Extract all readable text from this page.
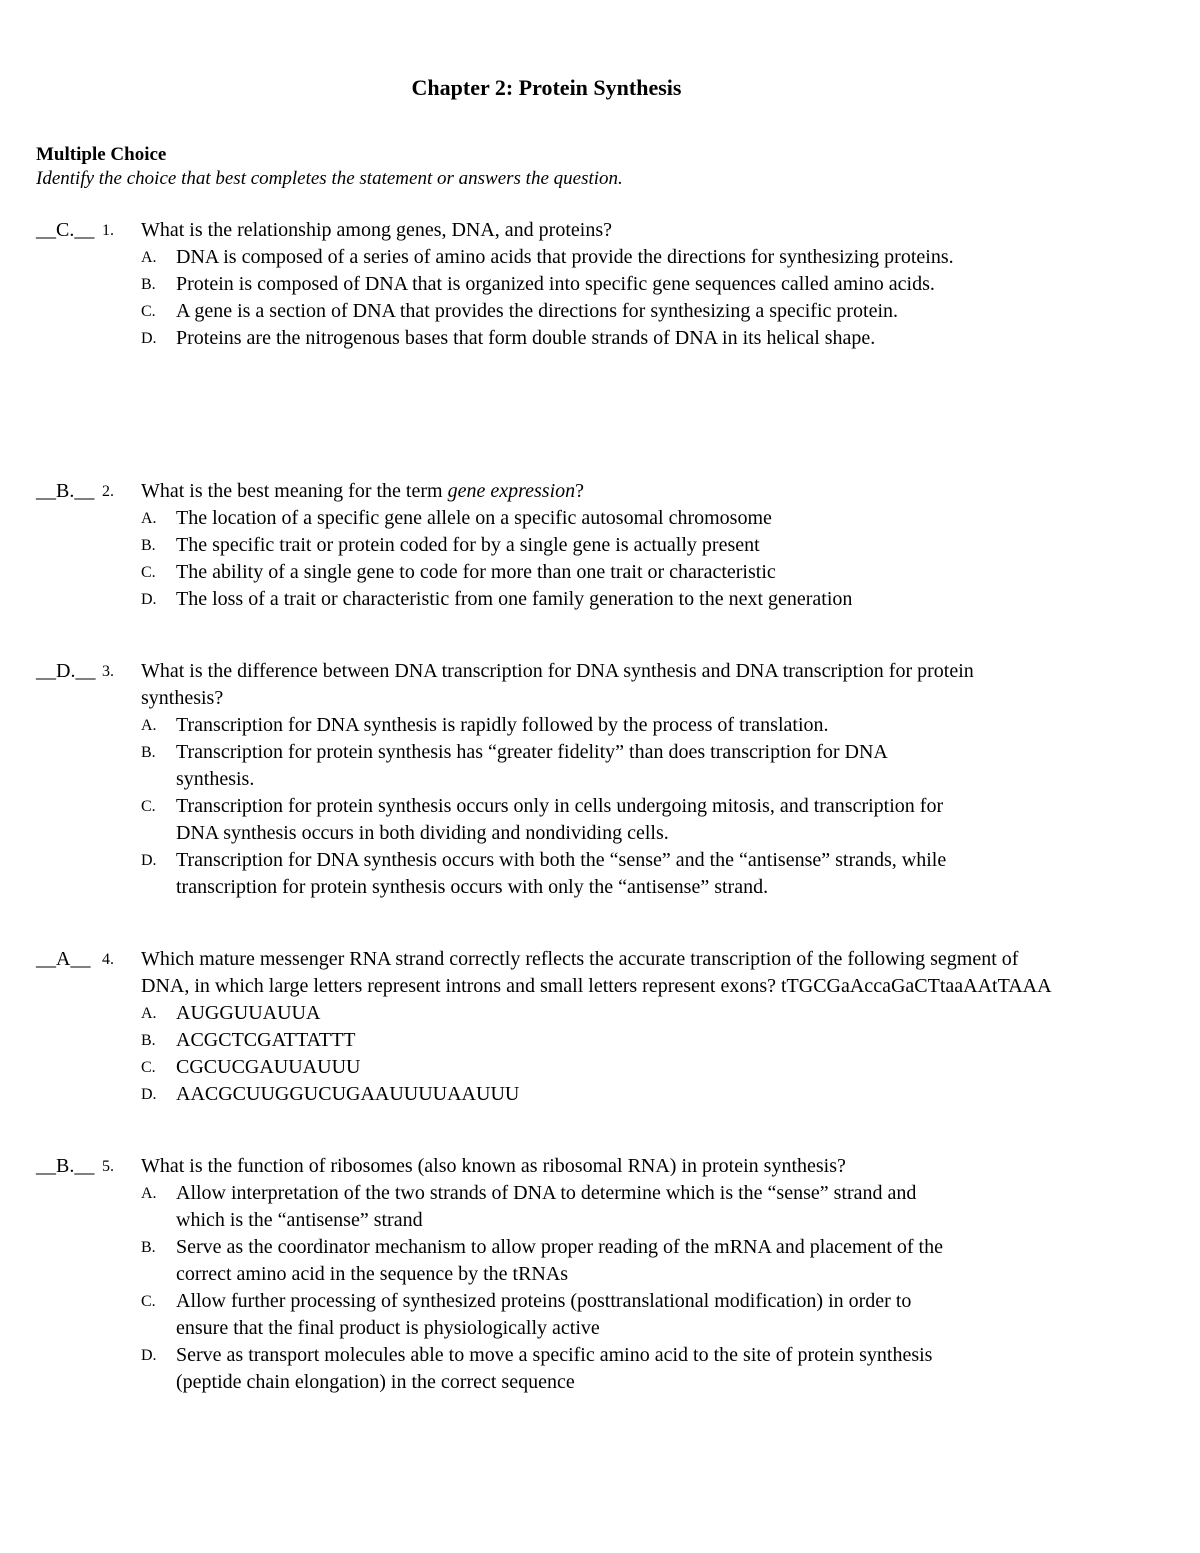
Chapter 2: Protein Synthesis
Multiple Choice
Identify the choice that best completes the statement or answers the question.
__C.__ 1. What is the relationship among genes, DNA, and proteins?
A. DNA is composed of a series of amino acids that provide the directions for synthesizing proteins.
B. Protein is composed of DNA that is organized into specific gene sequences called amino acids.
C. A gene is a section of DNA that provides the directions for synthesizing a specific protein.
D. Proteins are the nitrogenous bases that form double strands of DNA in its helical shape.
__B.__ 2. What is the best meaning for the term gene expression?
A. The location of a specific gene allele on a specific autosomal chromosome
B. The specific trait or protein coded for by a single gene is actually present
C. The ability of a single gene to code for more than one trait or characteristic
D. The loss of a trait or characteristic from one family generation to the next generation
__D.__ 3. What is the difference between DNA transcription for DNA synthesis and DNA transcription for protein synthesis?
A. Transcription for DNA synthesis is rapidly followed by the process of translation.
B. Transcription for protein synthesis has “greater fidelity” than does transcription for DNA synthesis.
C. Transcription for protein synthesis occurs only in cells undergoing mitosis, and transcription for DNA synthesis occurs in both dividing and nondividing cells.
D. Transcription for DNA synthesis occurs with both the “sense” and the “antisense” strands, while transcription for protein synthesis occurs with only the “antisense” strand.
__A__ 4. Which mature messenger RNA strand correctly reflects the accurate transcription of the following segment of DNA, in which large letters represent introns and small letters represent exons? tTGCGaAccaGaCTtaaAAtTAAA
A. AUGGUUAUUA
B. ACGCTCGATTATTT
C. CGCUCGAUUAUUU
D. AACGCUUGGUCUGAAUUUUAAUUU
__B.__ 5. What is the function of ribosomes (also known as ribosomal RNA) in protein synthesis?
A. Allow interpretation of the two strands of DNA to determine which is the “sense” strand and which is the “antisense” strand
B. Serve as the coordinator mechanism to allow proper reading of the mRNA and placement of the correct amino acid in the sequence by the tRNAs
C. Allow further processing of synthesized proteins (posttranslational modification) in order to ensure that the final product is physiologically active
D. Serve as transport molecules able to move a specific amino acid to the site of protein synthesis (peptide chain elongation) in the correct sequence
